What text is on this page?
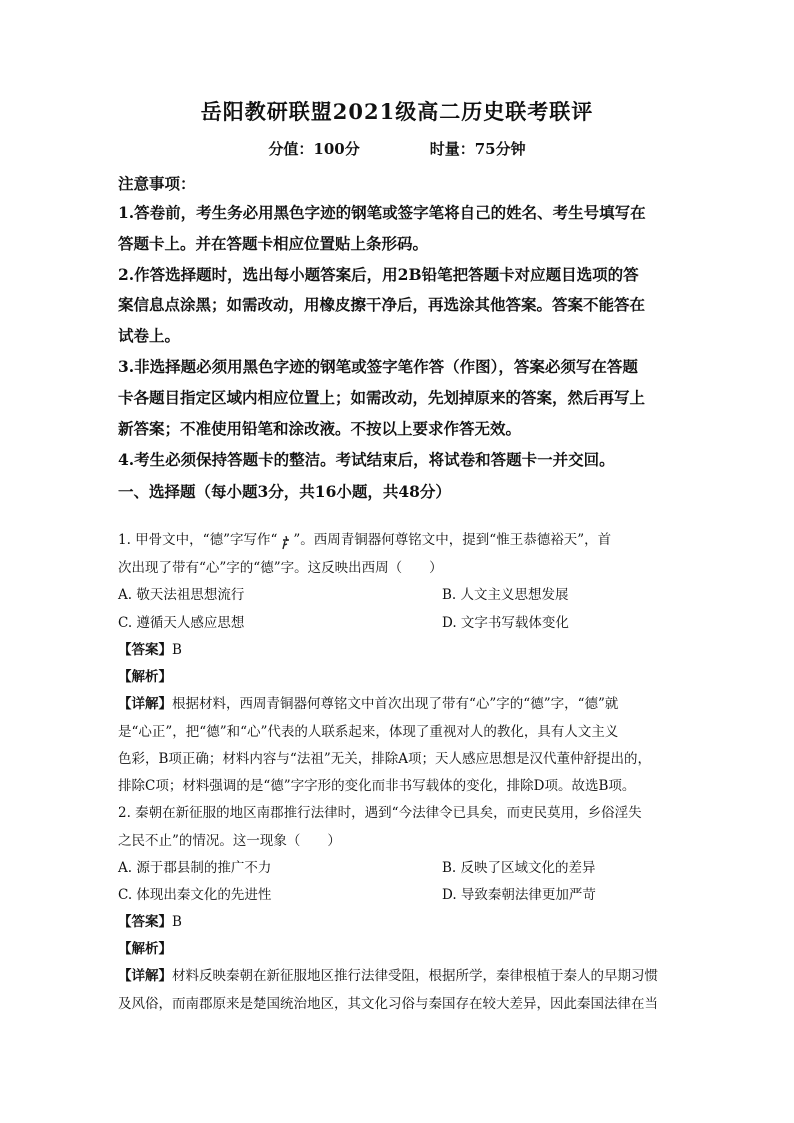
岳阳教研联盟2021级高二历史联考联评
分值：100分	时量：75分钟
注意事项：
1.答卷前，考生务必用黑色字迹的钢笔或签字笔将自己的姓名、考生号填写在
答题卡上。并在答题卡相应位置贴上条形码。
2.作答选择题时，选出每小题答案后，用2B铅笔把答题卡对应题目选项的答
案信息点涂黑；如需改动，用橡皮擦干净后，再选涂其他答案。答案不能答在
试卷上。
3.非选择题必须用黑色字迹的钢笔或签字笔作答（作图），答案必须写在答题
卡各题目指定区域内相应位置上；如需改动，先划掉原来的答案，然后再写上
新答案；不准使用铅笔和涂改液。不按以上要求作答无效。
4.考生必须保持答题卡的整洁。考试结束后，将试卷和答题卡一并交回。
一、选择题（每小题3分，共16小题，共48分）
1. 甲骨文中，“德”字写作“ ”。西周青铜器何尊铭文中，提到“惟王恭德裕天”，首
次出现了带有“心”字的“德”字。这反映出西周（　　）
A. 敬天法祖思想流行	B. 人文主义思想发展
C. 遵循天人感应思想	D. 文字书写载体变化
【答案】B
【解析】
【详解】根据材料，西周青铜器何尊铭文中首次出现了带有“心”字的“德”字，“德”就
是“心正”，把“德”和“心”代表的人联系起来，体现了重视对人的教化，具有人文主义
色彩，B项正确；材料内容与“法祖”无关，排除A项；天人感应思想是汉代董仲舒提出的，
排除C项；材料强调的是“德”字字形的变化而非书写载体的变化，排除D项。故选B项。
2. 秦朝在新征服的地区南郡推行法律时，遇到“今法律令已具矣，而吏民莫用，乡俗淫失
之民不止”的情况。这一现象（　　）
A. 源于郡县制的推广不力	B. 反映了区域文化的差异
C. 体现出秦文化的先进性	D. 导致秦朝法律更加严苛
【答案】B
【解析】
【详解】材料反映秦朝在新征服地区推行法律受阻，根据所学，秦律根植于秦人的早期习惯
及风俗，而南郡原来是楚国统治地区，其文化习俗与秦国存在较大差异，因此秦国法律在当
